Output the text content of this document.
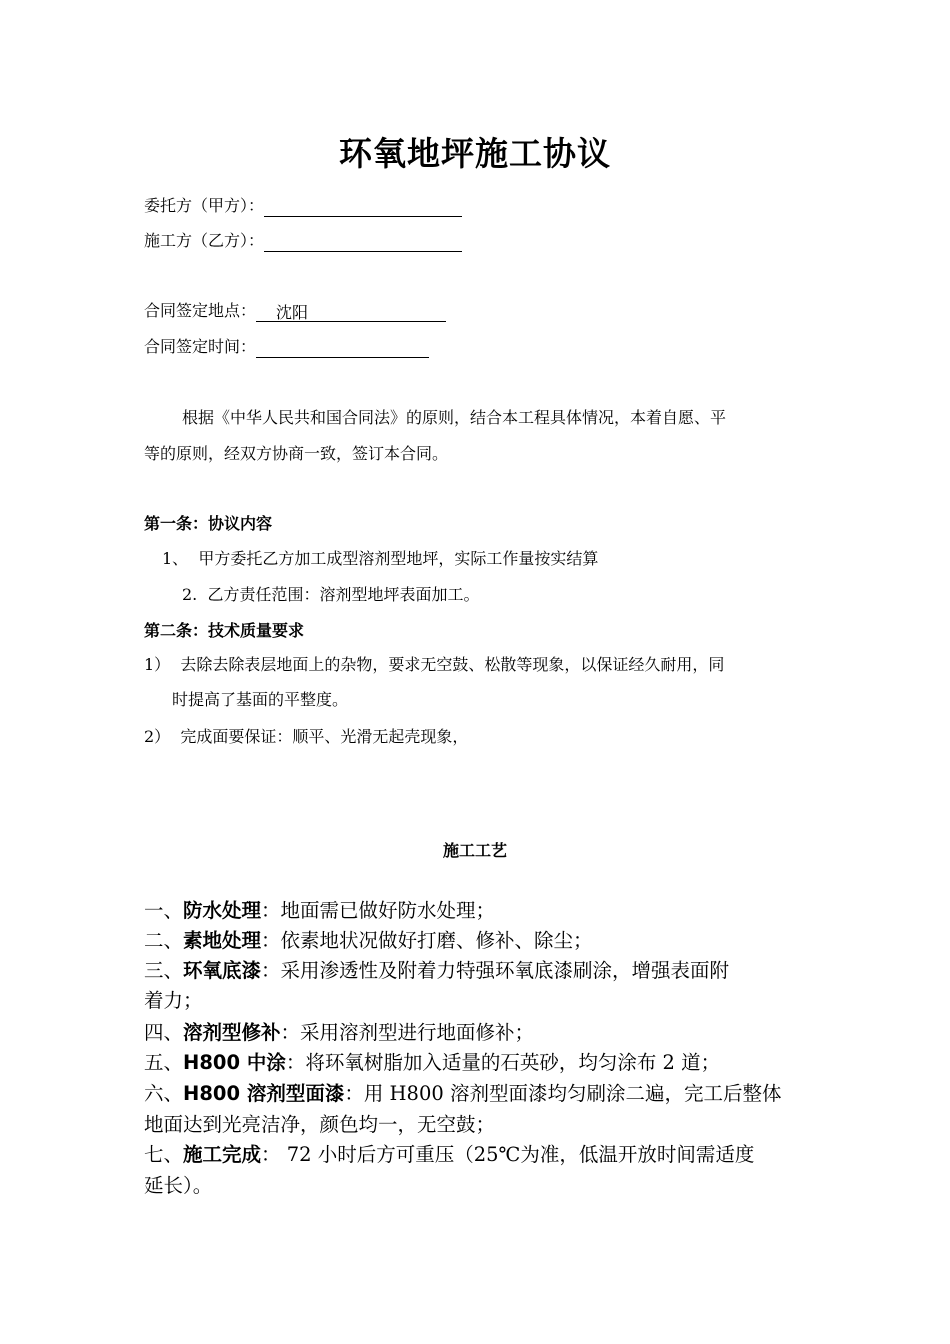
环氧地坪施工协议
委托方（甲方）：
施工方（乙方）：
合同签定地点： 沈阳
合同签定时间：
根据《中华人民共和国合同法》的原则，结合本工程具体情况，本着自愿、平
等的原则，经双方协商一致，签订本合同。
第一条：协议内容
1、 甲方委托乙方加工成型溶剂型地坪，实际工作量按实结算
2. 乙方责任范围：溶剂型地坪表面加工。
第二条：技术质量要求
1） 去除去除表层地面上的杂物，要求无空鼓、松散等现象，以保证经久耐用，同
时提高了基面的平整度。
2） 完成面要保证：顺平、光滑无起壳现象，
施工工艺
一、防水处理：地面需已做好防水处理；
二、素地处理：依素地状况做好打磨、修补、除尘；
三、环氧底漆：采用渗透性及附着力特强环氧底漆刷涂，增强表面附
着力；
四、溶剂型修补：采用溶剂型进行地面修补；
五、H800 中涂：将环氧树脂加入适量的石英砂，均匀涂布 2 道；
六、H800 溶剂型面漆：用 H800 溶剂型面漆均匀刷涂二遍，完工后整体
地面达到光亮洁净，颜色均一，无空鼓；
七、施工完成： 72 小时后方可重压（25℃为准，低温开放时间需适度
延长）。
